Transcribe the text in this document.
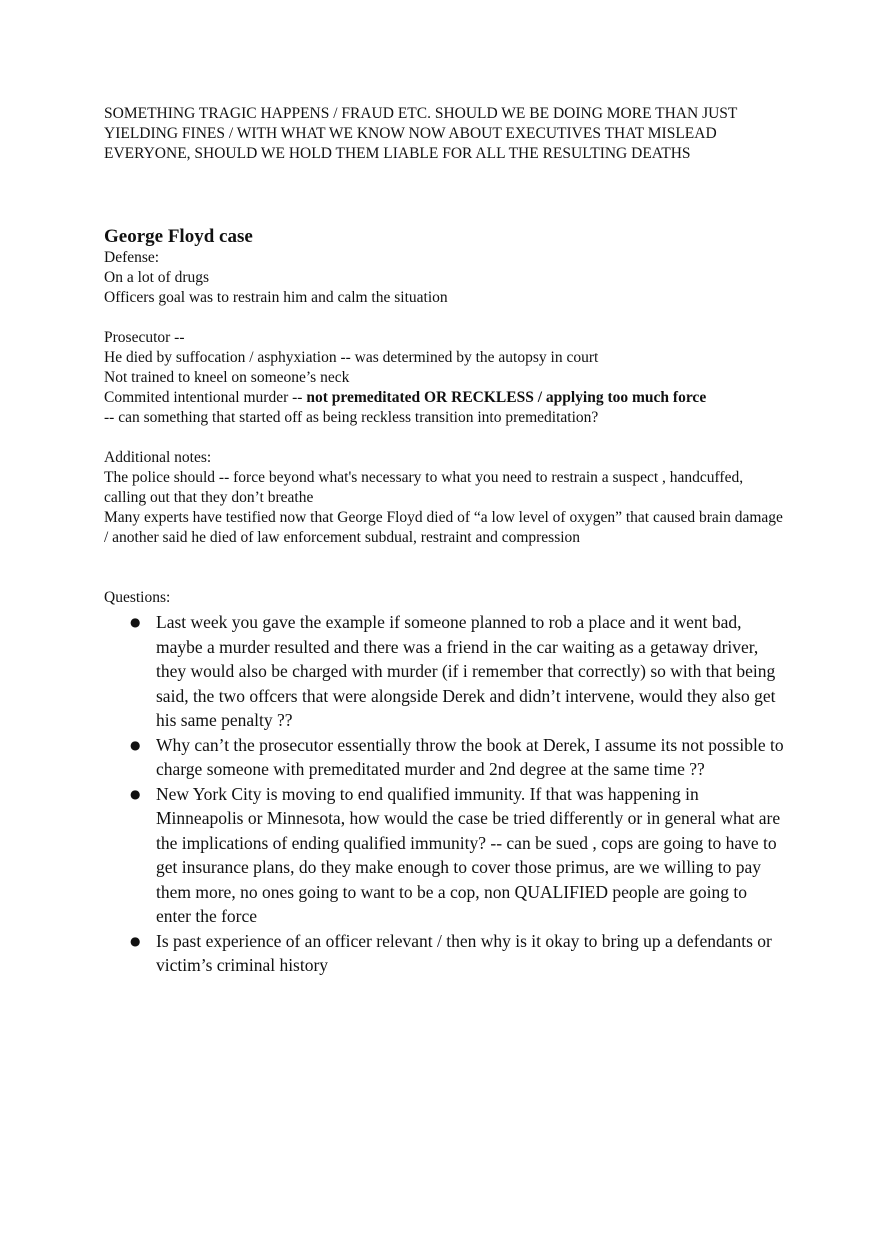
SOMETHING TRAGIC HAPPENS / FRAUD ETC. SHOULD WE BE DOING MORE THAN JUST YIELDING FINES / WITH WHAT WE KNOW NOW ABOUT EXECUTIVES THAT MISLEAD EVERYONE, SHOULD WE HOLD THEM LIABLE FOR ALL THE RESULTING DEATHS

George Floyd case

Defense:

On a lot of drugs

Officers goal was to restrain him and calm the situation

Prosecutor --

He died by suffocation / asphyxiation -- was determined by the autopsy in court

Not trained to kneel on someone’s neck

Commited intentional murder -- not premeditated OR RECKLESS / applying too much force

-- can something that started off as being reckless transition into premeditation?

Additional notes:

The police should -- force beyond what's necessary to what you need to restrain a suspect , handcuffed, calling out that they don’t breathe

Many experts have testified now that George Floyd died of “a low level of oxygen” that caused brain damage / another said he died of law enforcement subdual, restraint and compression

Questions:

● Last week you gave the example if someone planned to rob a place and it went bad, maybe a murder resulted and there was a friend in the car waiting as a getaway driver, they would also be charged with murder (if i remember that correctly) so with that being said, the two offcers that were alongside Derek and didn’t intervene, would they also get his same penalty ??
● Why can’t the prosecutor essentially throw the book at Derek, I assume its not possible to charge someone with premeditated murder and 2nd degree at the same time ??
● New York City is moving to end qualified immunity. If that was happening in Minneapolis or Minnesota, how would the case be tried differently or in general what are the implications of ending qualified immunity? -- can be sued , cops are going to have to get insurance plans, do they make enough to cover those primus, are we willing to pay them more, no ones going to want to be a cop, non QUALIFIED people are going to enter the force
● Is past experience of an officer relevant / then why is it okay to bring up a defendants or victim’s criminal history
